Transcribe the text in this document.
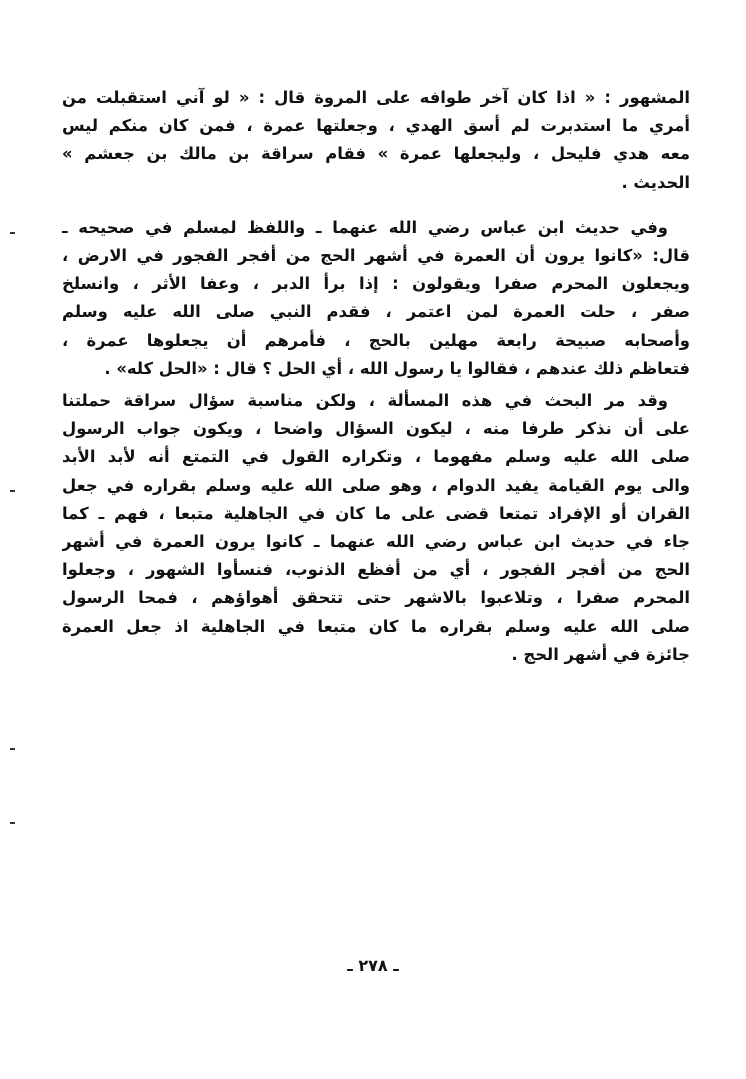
المشهور : « اذا كان آخر طوافه على المروة قال : « لو آني استقبلت من
أمري ما استدبرت لم أسق الهدي ، وجعلتها عمرة ، فمن كان منكم ليس
معه هدي فليحل ، وليجعلها عمرة » فقام سراقة بن مالك بن جعشم »
الحديث .

وفي حديث ابن عباس رضي الله عنهما ـ واللفظ لمسلم في صحيحه ـ
قال: «كانوا يرون أن العمرة في أشهر الحج من أفجر الفجور في الارض ،
ويجعلون المحرم صفرا ويقولون : إذا برأ الدبر ، وعفا الأثر ، وانسلخ
صفر ، حلت العمرة لمن اعتمر ، فقدم النبي صلى الله عليه وسلم
وأصحابه صبيحة رابعة مهلين بالحج ، فأمرهم أن يجعلوها عمرة ،
فتعاظم ذلك عندهم ، فقالوا يا رسول الله ، أي الحل ؟ قال : «الحل كله» .

وقد مر البحث في هذه المسألة ، ولكن مناسبة سؤال سراقة حملتنا
على أن نذكر طرفا منه ، ليكون السؤال واضحا ، ويكون جواب الرسول
صلى الله عليه وسلم مفهوما ، وتكراره القول في التمتع أنه لأبد الأبد
والى يوم القيامة يفيد الدوام ، وهو صلى الله عليه وسلم بقراره في جعل
القران أو الإفراد تمتعا قضى على ما كان في الجاهلية متبعا ، فهم ـ كما
جاء في حديث ابن عباس رضي الله عنهما ـ كانوا يرون العمرة في أشهر
الحج من أفجر الفجور ، أي من أفظع الذنوب، فنسأوا الشهور ، وجعلوا
المحرم صفرا ، وتلاعبوا بالاشهر حتى تتحقق أهواؤهم ، فمحا الرسول
صلى الله عليه وسلم بقراره ما كان متبعا في الجاهلية اذ جعل العمرة
جائزة في أشهر الحج .

ـ ٢٧٨ ـ
